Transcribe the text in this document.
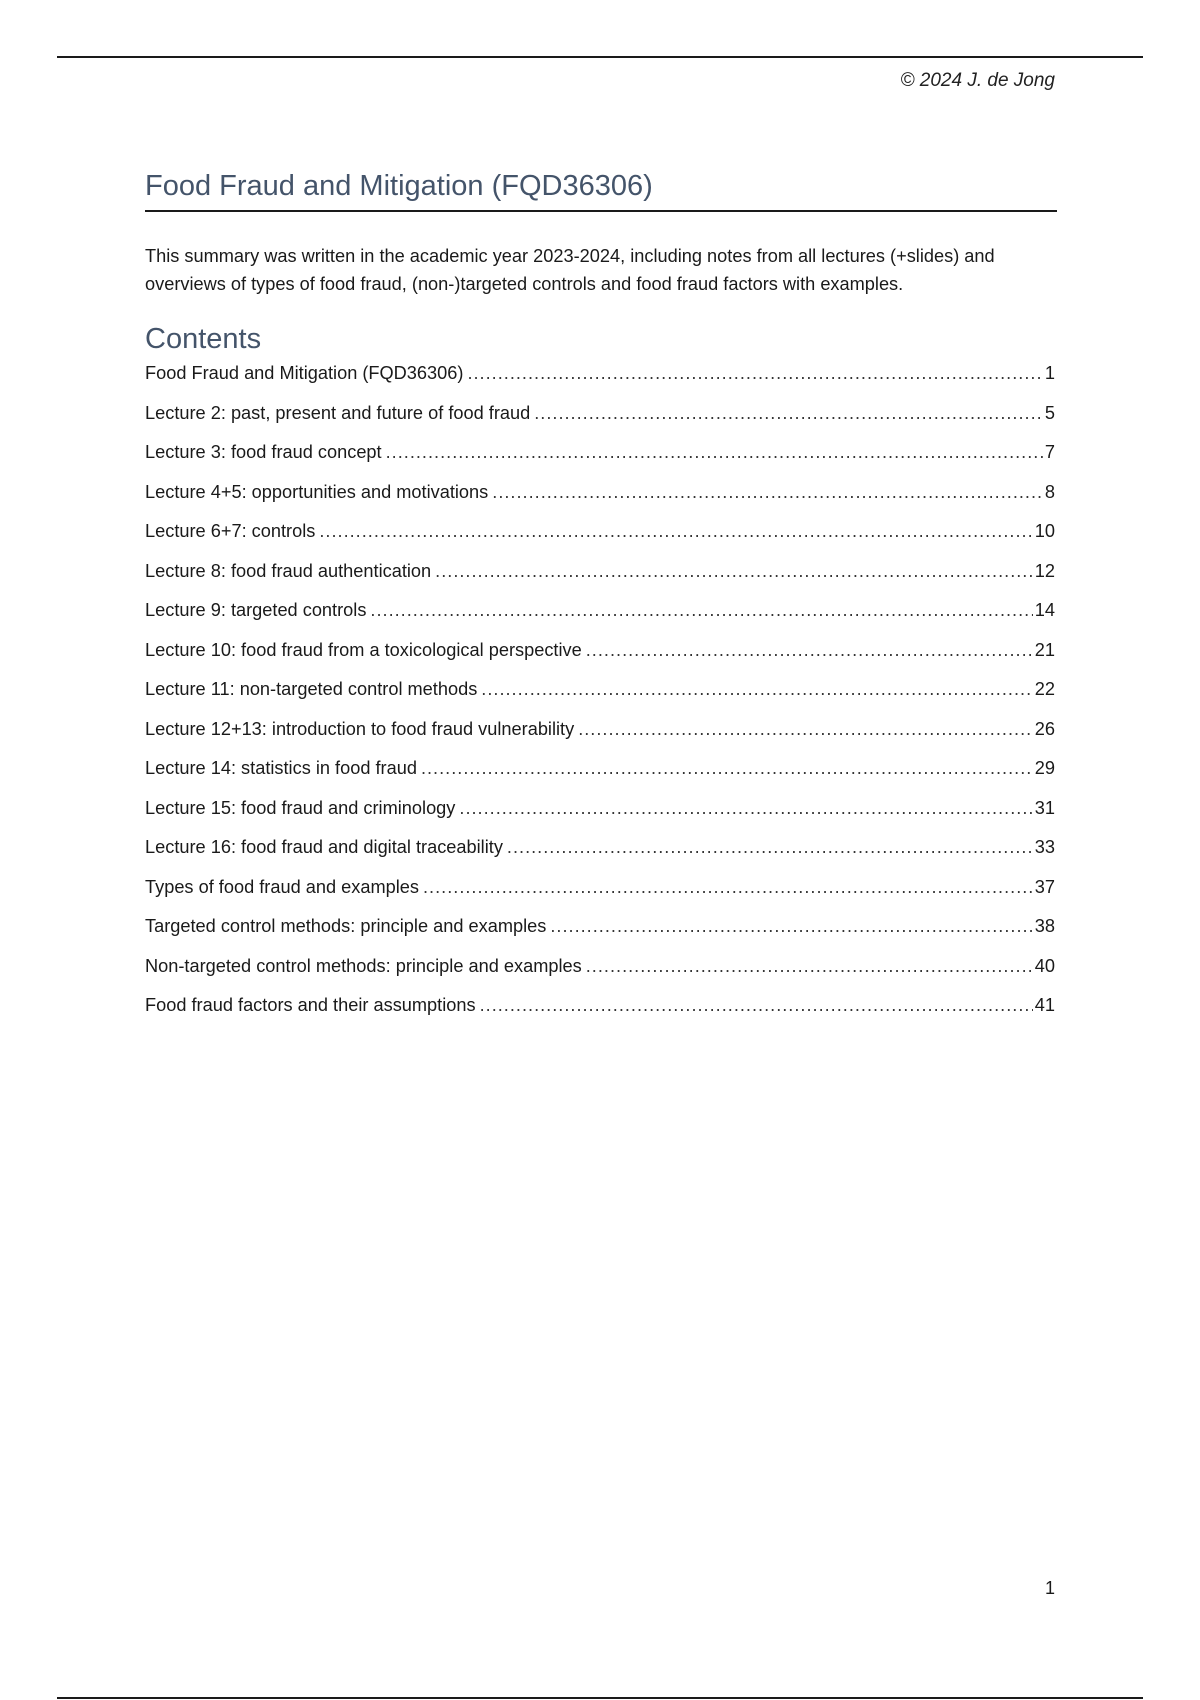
© 2024 J. de Jong
Food Fraud and Mitigation (FQD36306)
This summary was written in the academic year 2023-2024, including notes from all lectures (+slides) and overviews of types of food fraud, (non-)targeted controls and food fraud factors with examples.
Contents
Food Fraud and Mitigation (FQD36306) .....	1
Lecture 2: past, present and future of food fraud .....	5
Lecture 3: food fraud concept .....	7
Lecture 4+5: opportunities and motivations .....	8
Lecture 6+7: controls .....	10
Lecture 8: food fraud authentication .....	12
Lecture 9: targeted controls .....	14
Lecture 10: food fraud from a toxicological perspective .....	21
Lecture 11: non-targeted control methods .....	22
Lecture 12+13: introduction to food fraud vulnerability .....	26
Lecture 14: statistics in food fraud .....	29
Lecture 15: food fraud and criminology .....	31
Lecture 16: food fraud and digital traceability .....	33
Types of food fraud and examples .....	37
Targeted control methods: principle and examples .....	38
Non-targeted control methods: principle and examples .....	40
Food fraud factors and their assumptions .....	41
1
